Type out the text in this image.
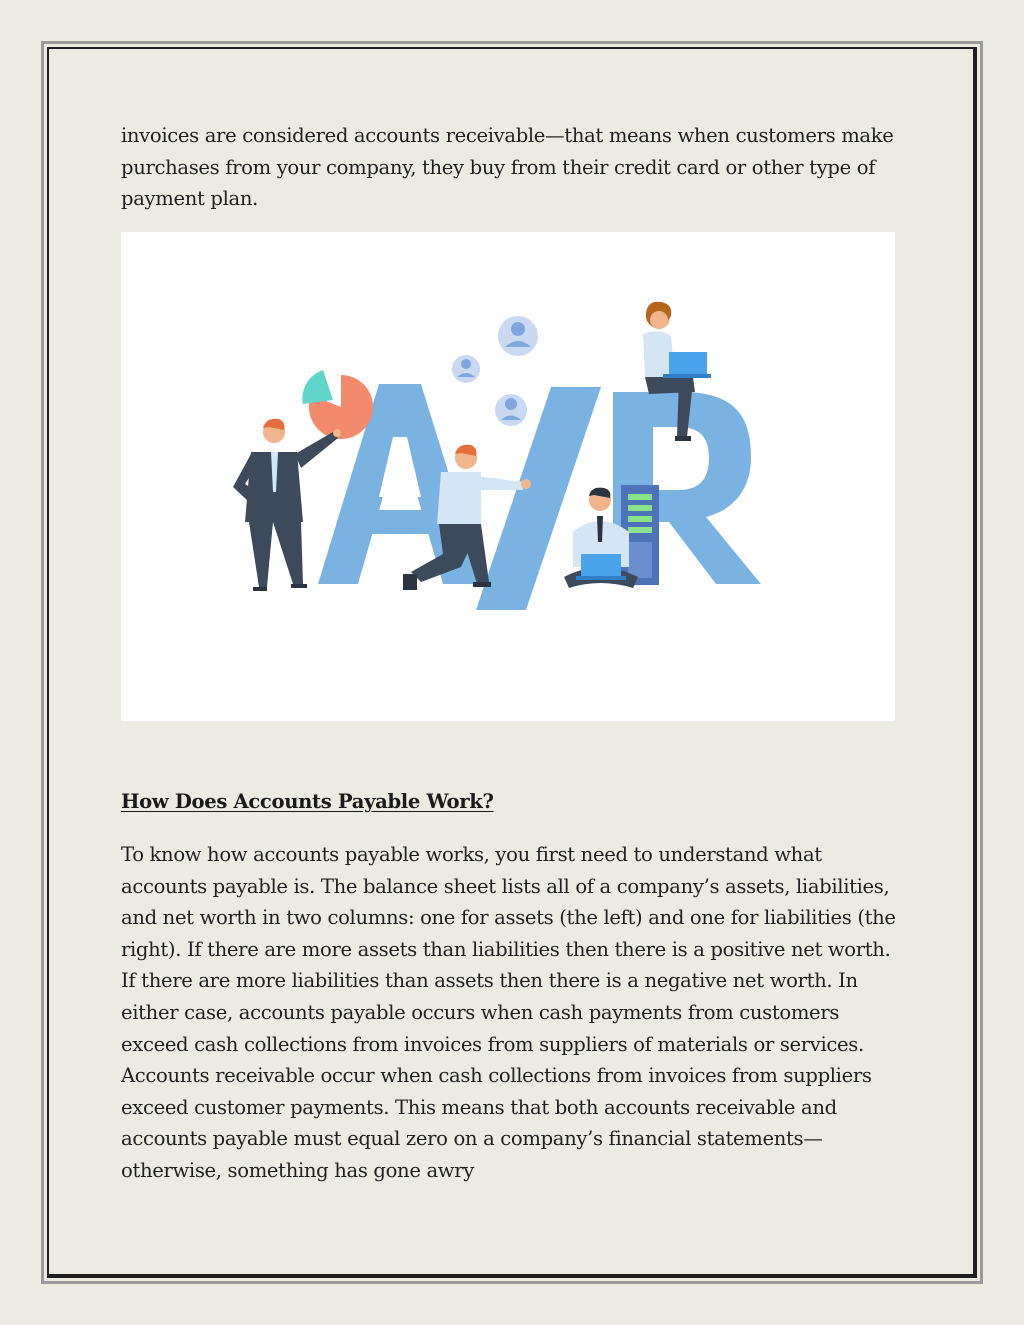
invoices are considered accounts receivable—that means when customers make purchases from your company, they buy from their credit card or other type of payment plan.

How Does Accounts Payable Work?

To know how accounts payable works, you first need to understand what accounts payable is. The balance sheet lists all of a company’s assets, liabilities, and net worth in two columns: one for assets (the left) and one for liabilities (the right). If there are more assets than liabilities then there is a positive net worth. If there are more liabilities than assets then there is a negative net worth. In either case, accounts payable occurs when cash payments from customers exceed cash collections from invoices from suppliers of materials or services. Accounts receivable occur when cash collections from invoices from suppliers exceed customer payments. This means that both accounts receivable and accounts payable must equal zero on a company’s financial statements—otherwise, something has gone awry
